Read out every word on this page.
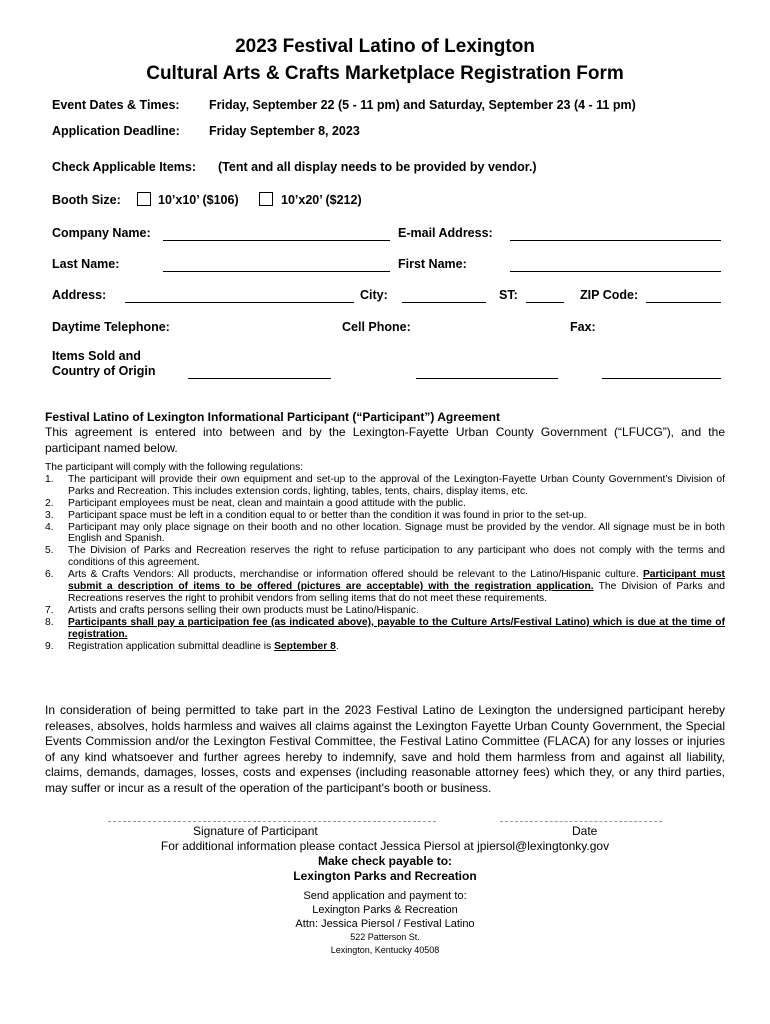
2023 Festival Latino of Lexington
Cultural Arts & Crafts Marketplace Registration Form
Event Dates & Times: Friday, September 22 (5 - 11 pm) and Saturday, September 23 (4 - 11 pm)
Application Deadline: Friday September 8, 2023
Check Applicable Items: (Tent and all display needs to be provided by vendor.)
Booth Size:	10’x10’ ($106)	10’x20’ ($212)
Company Name:	E-mail Address:
Last Name:	First Name:
Address:	City:	ST:	ZIP Code:
Daytime Telephone:	Cell Phone:	Fax:
Items Sold and
Country of Origin
Festival Latino of Lexington Informational Participant (“Participant”) Agreement
This agreement is entered into between and by the Lexington-Fayette Urban County Government (“LFUCG”), and the participant named below.
The participant will comply with the following regulations:
1.	The participant will provide their own equipment and set-up to the approval of the Lexington-Fayette Urban County Government’s Division of Parks and Recreation. This includes extension cords, lighting, tables, tents, chairs, display items, etc.
2.	Participant employees must be neat, clean and maintain a good attitude with the public.
3.	Participant space must be left in a condition equal to or better than the condition it was found in prior to the set-up.
4.	Participant may only place signage on their booth and no other location. Signage must be provided by the vendor. All signage must be in both English and Spanish.
5.	The Division of Parks and Recreation reserves the right to refuse participation to any participant who does not comply with the terms and conditions of this agreement.
6.	Arts & Crafts Vendors: All products, merchandise or information offered should be relevant to the Latino/Hispanic culture. Participant must submit a description of items to be offered (pictures are acceptable) with the registration application. The Division of Parks and Recreations reserves the right to prohibit vendors from selling items that do not meet these requirements.
7.	Artists and crafts persons selling their own products must be Latino/Hispanic.
8.	Participants shall pay a participation fee (as indicated above), payable to the Culture Arts/Festival Latino) which is due at the time of registration.
9.	Registration application submittal deadline is September 8.
In consideration of being permitted to take part in the 2023 Festival Latino de Lexington the undersigned participant hereby releases, absolves, holds harmless and waives all claims against the Lexington Fayette Urban County Government, the Special Events Commission and/or the Lexington Festival Committee, the Festival Latino Committee (FLACA) for any losses or injuries of any kind whatsoever and further agrees hereby to indemnify, save and hold them harmless from and against all liability, claims, demands, damages, losses, costs and expenses (including reasonable attorney fees) which they, or any third parties, may suffer or incur as a result of the operation of the participant's booth or business.
Signature of Participant	Date
For additional information please contact Jessica Piersol at jpiersol@lexingtonky.gov
Make check payable to:
Lexington Parks and Recreation
Send application and payment to:
Lexington Parks & Recreation
Attn: Jessica Piersol / Festival Latino
522 Patterson St.
Lexington, Kentucky 40508
